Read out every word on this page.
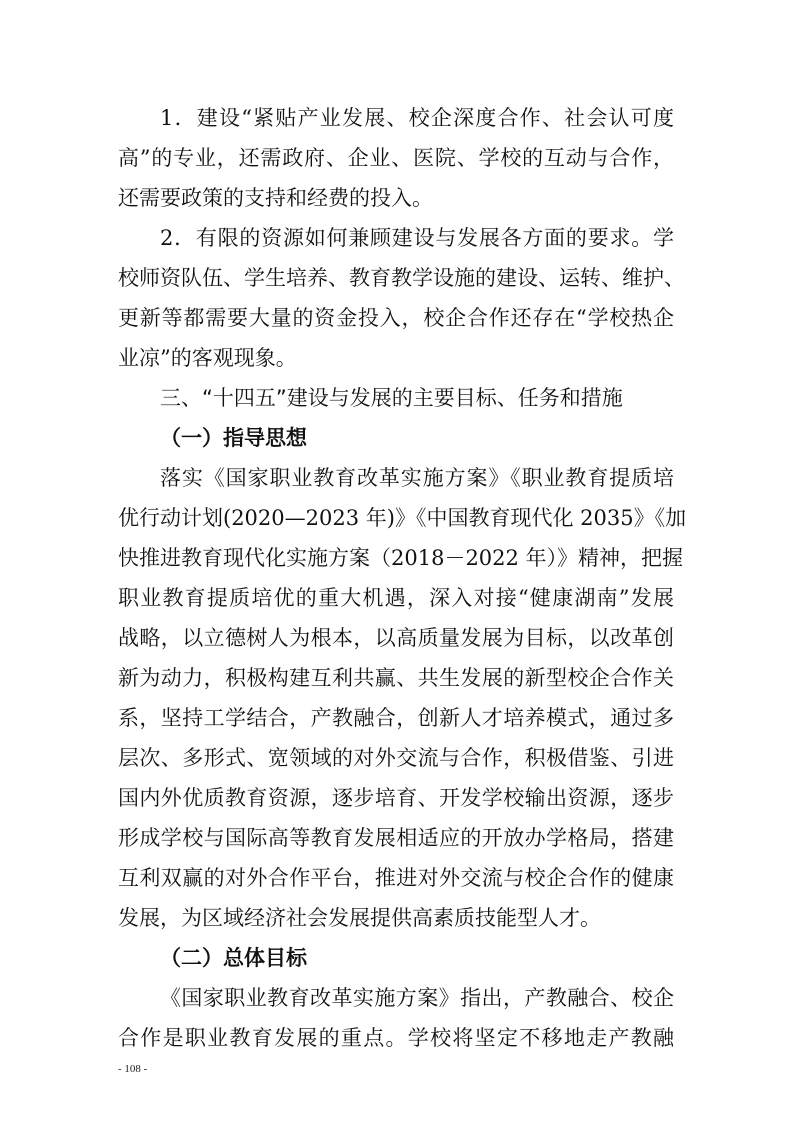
1．建设“紧贴产业发展、校企深度合作、社会认可度
高”的专业，还需政府、企业、医院、学校的互动与合作，
还需要政策的支持和经费的投入。
2．有限的资源如何兼顾建设与发展各方面的要求。学
校师资队伍、学生培养、教育教学设施的建设、运转、维护、
更新等都需要大量的资金投入，校企合作还存在“学校热企
业凉”的客观现象。
三、“十四五”建设与发展的主要目标、任务和措施
（一）指导思想
落实《国家职业教育改革实施方案》《职业教育提质培
优行动计划(2020—2023 年)》《中国教育现代化 2035》《加
快推进教育现代化实施方案（2018－2022 年）》精神，把握
职业教育提质培优的重大机遇，深入对接“健康湖南”发展
战略，以立德树人为根本，以高质量发展为目标，以改革创
新为动力，积极构建互利共赢、共生发展的新型校企合作关
系，坚持工学结合，产教融合，创新人才培养模式，通过多
层次、多形式、宽领域的对外交流与合作，积极借鉴、引进
国内外优质教育资源，逐步培育、开发学校输出资源，逐步
形成学校与国际高等教育发展相适应的开放办学格局，搭建
互利双赢的对外合作平台，推进对外交流与校企合作的健康
发展，为区域经济社会发展提供高素质技能型人才。
（二）总体目标
《国家职业教育改革实施方案》指出，产教融合、校企
合作是职业教育发展的重点。学校将坚定不移地走产教融
- 108 -
